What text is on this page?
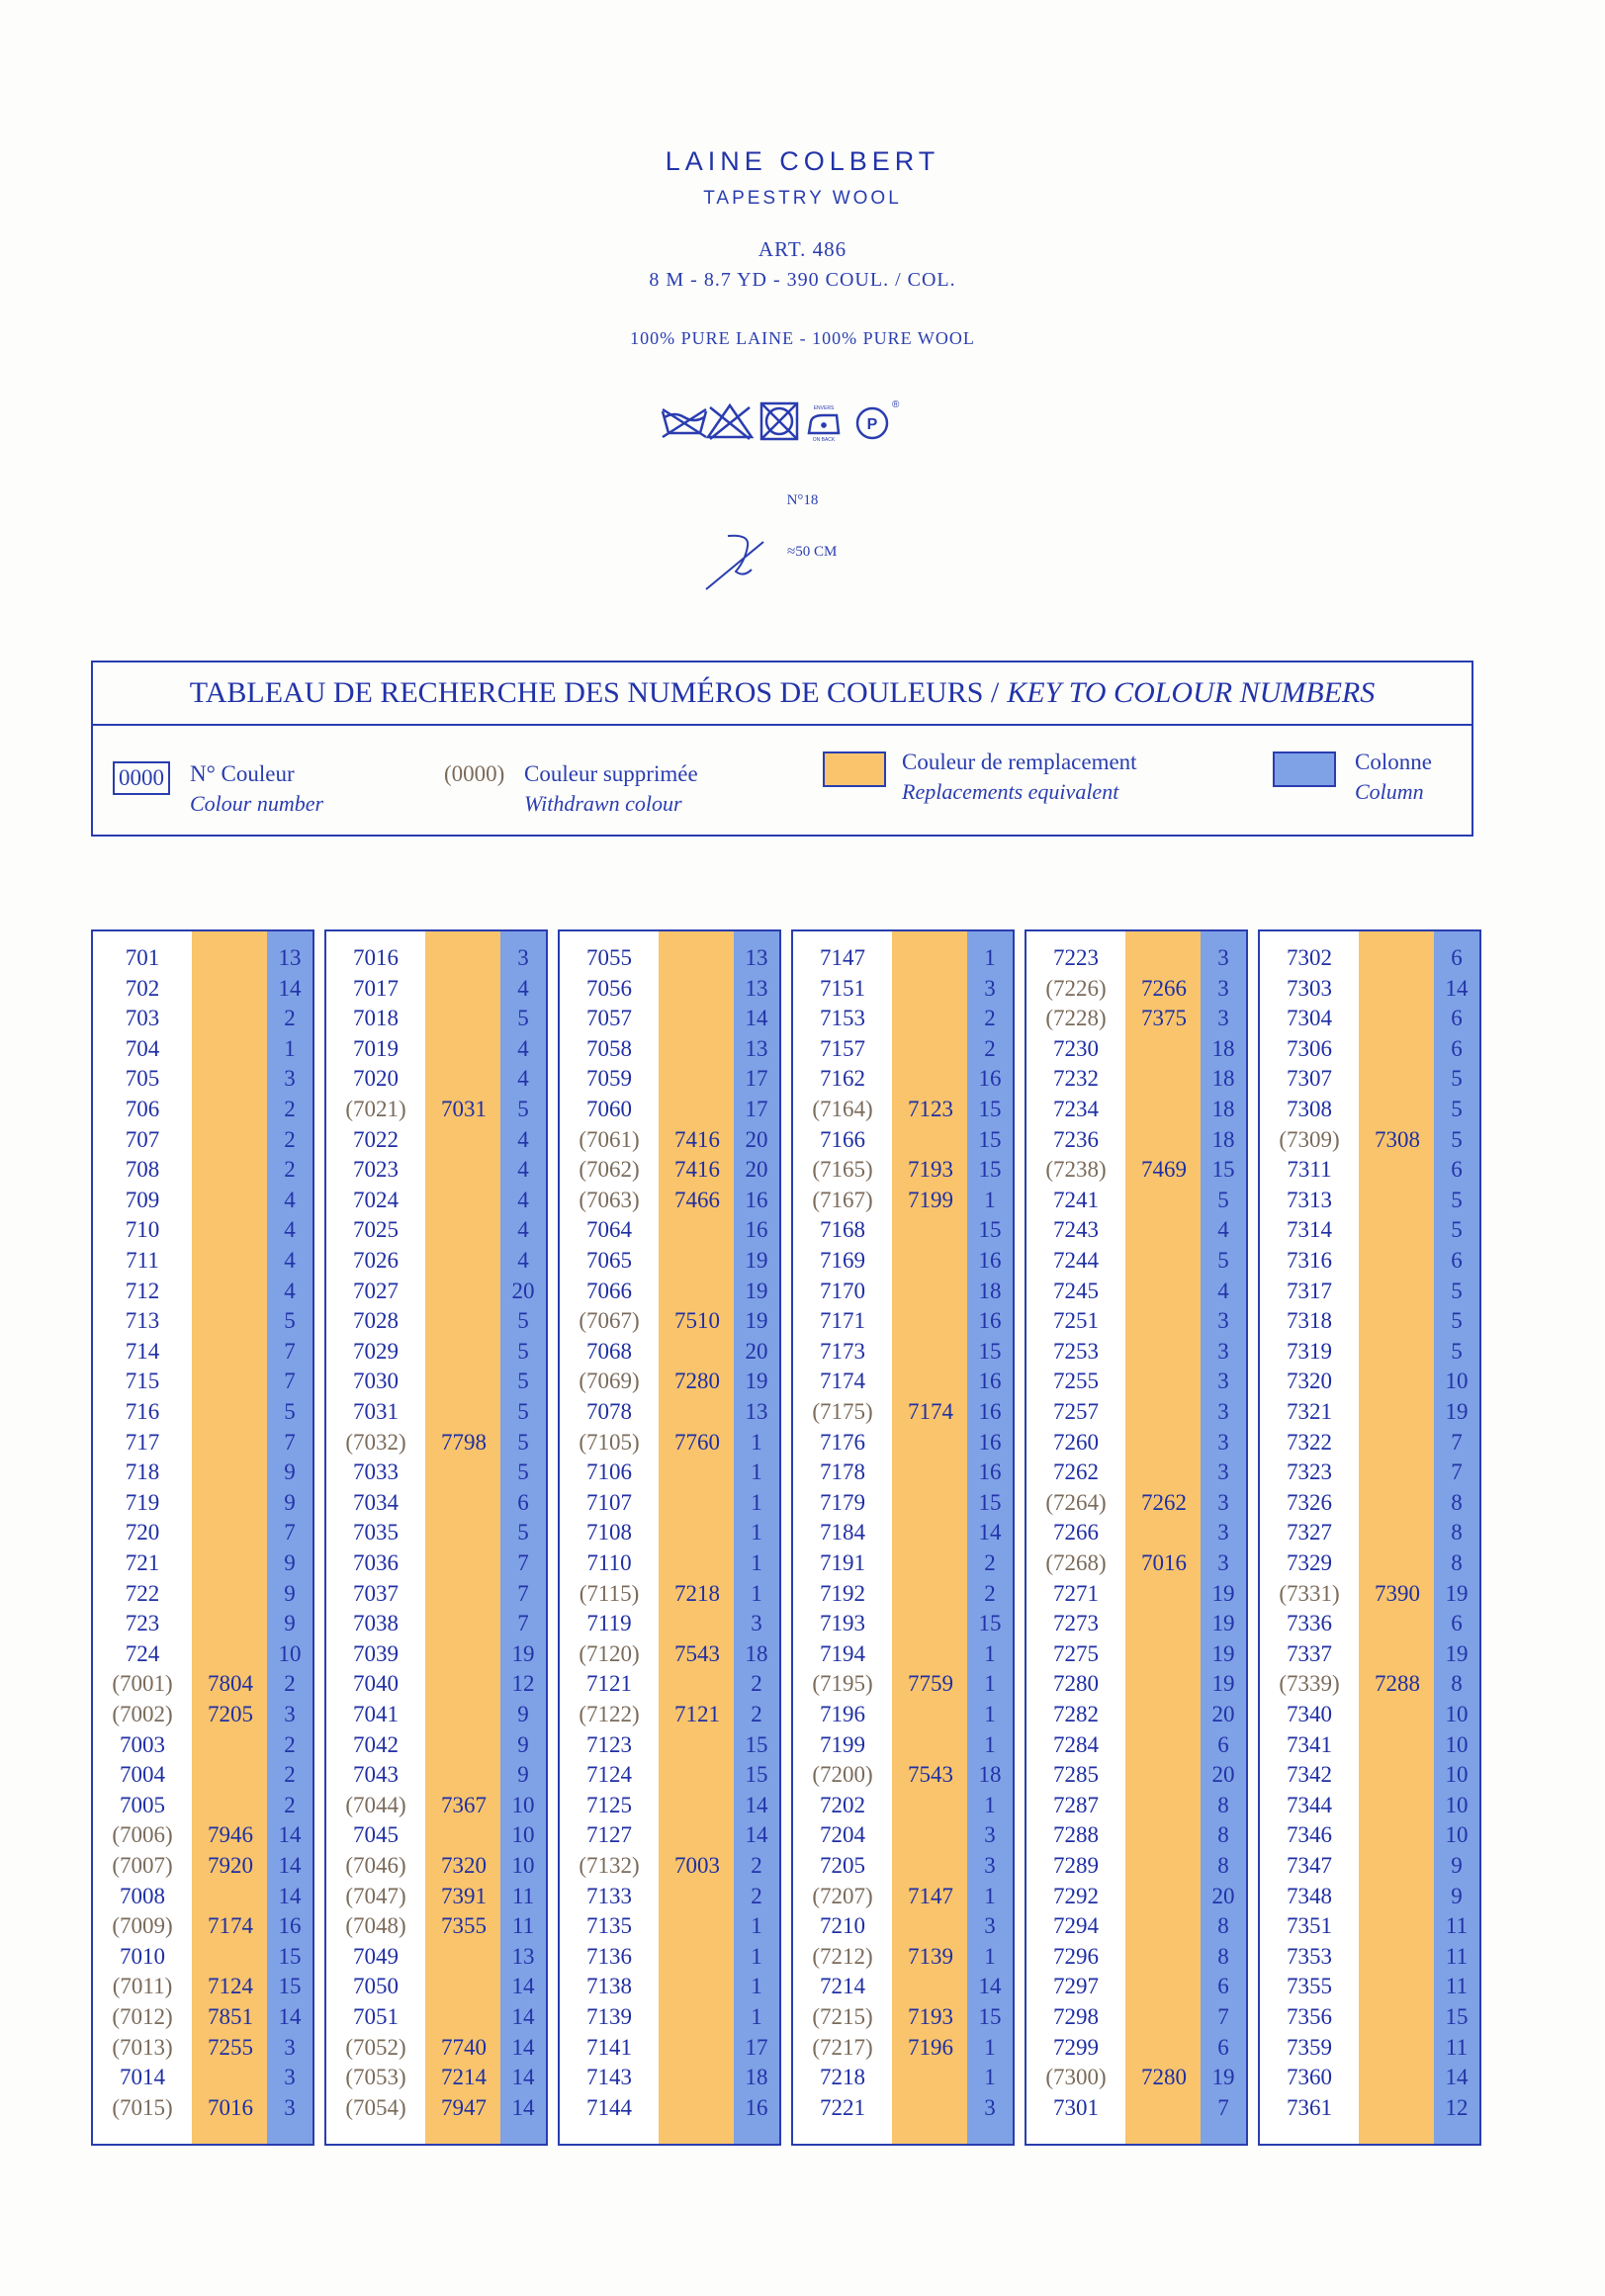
LAINE COLBERT
TAPESTRY WOOL
ART. 486
8 M - 8.7 YD - 390 COUL. / COL.
100% PURE LAINE - 100% PURE WOOL
ENVERS
ON BACK
P
®
N°18
≈50 CM
TABLEAU DE RECHERCHE DES NUMÉROS DE COULEURS / KEY TO COLOUR NUMBERS
0000 N° Couleur
Colour number
(0000) Couleur supprimée
Withdrawn colour
Couleur de remplacement
Replacements equivalent
Colonne
Column
701	13
702	14
703	2
704	1
705	3
706	2
707	2
708	2
709	4
710	4
711	4
712	4
713	5
714	7
715	7
716	5
717	7
718	9
719	9
720	7
721	9
722	9
723	9
724	10
(7001)	7804	2
(7002)	7205	3
7003	2
7004	2
7005	2
(7006)	7946	14
(7007)	7920	14
7008	14
(7009)	7174	16
7010	15
(7011)	7124	15
(7012)	7851	14
(7013)	7255	3
7014	3
(7015)	7016	3
7016	3
7017	4
7018	5
7019	4
7020	4
(7021)	7031	5
7022	4
7023	4
7024	4
7025	4
7026	4
7027	20
7028	5
7029	5
7030	5
7031	5
(7032)	7798	5
7033	5
7034	6
7035	5
7036	7
7037	7
7038	7
7039	19
7040	12
7041	9
7042	9
7043	9
(7044)	7367	10
7045	10
(7046)	7320	10
(7047)	7391	11
(7048)	7355	11
7049	13
7050	14
7051	14
(7052)	7740	14
(7053)	7214	14
(7054)	7947	14
7055	13
7056	13
7057	14
7058	13
7059	17
7060	17
(7061)	7416	20
(7062)	7416	20
(7063)	7466	16
7064	16
7065	19
7066	19
(7067)	7510	19
7068	20
(7069)	7280	19
7078	13
(7105)	7760	1
7106	1
7107	1
7108	1
7110	1
(7115)	7218	1
7119	3
(7120)	7543	18
7121	2
(7122)	7121	2
7123	15
7124	15
7125	14
7127	14
(7132)	7003	2
7133	2
7135	1
7136	1
7138	1
7139	1
7141	17
7143	18
7144	16
7147	1
7151	3
7153	2
7157	2
7162	16
(7164)	7123	15
7166	15
(7165)	7193	15
(7167)	7199	1
7168	15
7169	16
7170	18
7171	16
7173	15
7174	16
(7175)	7174	16
7176	16
7178	16
7179	15
7184	14
7191	2
7192	2
7193	15
7194	1
(7195)	7759	1
7196	1
7199	1
(7200)	7543	18
7202	1
7204	3
7205	3
(7207)	7147	1
7210	3
(7212)	7139	1
7214	14
(7215)	7193	15
(7217)	7196	1
7218	1
7221	3
7223	3
(7226)	7266	3
(7228)	7375	3
7230	18
7232	18
7234	18
7236	18
(7238)	7469	15
7241	5
7243	4
7244	5
7245	4
7251	3
7253	3
7255	3
7257	3
7260	3
7262	3
(7264)	7262	3
7266	3
(7268)	7016	3
7271	19
7273	19
7275	19
7280	19
7282	20
7284	6
7285	20
7287	8
7288	8
7289	8
7292	20
7294	8
7296	8
7297	6
7298	7
7299	6
(7300)	7280	19
7301	7
7302	6
7303	14
7304	6
7306	6
7307	5
7308	5
(7309)	7308	5
7311	6
7313	5
7314	5
7316	6
7317	5
7318	5
7319	5
7320	10
7321	19
7322	7
7323	7
7326	8
7327	8
7329	8
(7331)	7390	19
7336	6
7337	19
(7339)	7288	8
7340	10
7341	10
7342	10
7344	10
7346	10
7347	9
7348	9
7351	11
7353	11
7355	11
7356	15
7359	11
7360	14
7361	12
